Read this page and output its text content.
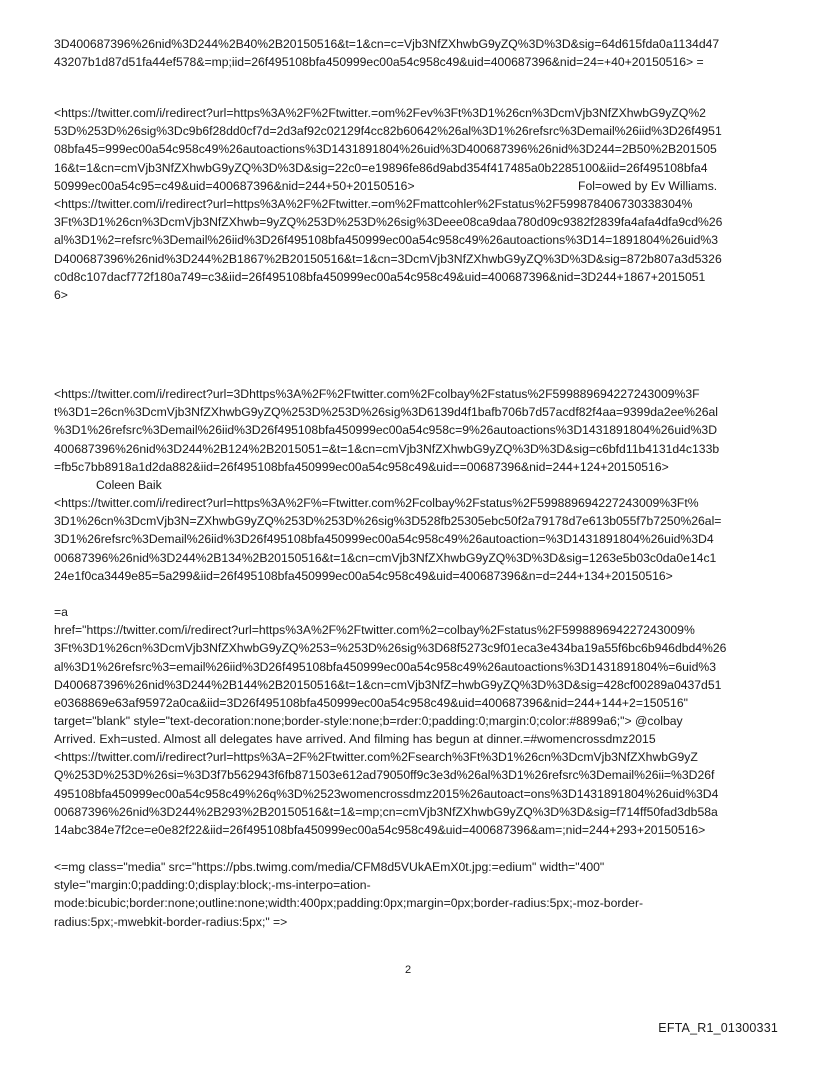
3D400687396%26nid%3D244%2B40%2B20150516&t=1&cn=c=Vjb3NfZXhwbG9yZQ%3D%3D&sig=64d615fda0a1134d47
43207b1d87d51fa44ef578&=mp;iid=26f495108bfa450999ec00a54c958c49&uid=400687396&nid=24=+40+20150516> =

<https://twitter.com/i/redirect?url=https%3A%2F%2Ftwitter.=om%2Fev%3Ft%3D1%26cn%3DcmVjb3NfZXhwbG9yZQ%2
53D%253D%26sig%3Dc9b6f28dd0cf7d=2d3af92c02129f4cc82b60642%26al%3D1%26refsrc%3Demail%26iid%3D26f4951
08bfa45=999ec00a54c958c49%26autoactions%3D1431891804%26uid%3D400687396%26nid%3D244=2B50%2B201505
16&t=1&cn=cmVjb3NfZXhwbG9yZQ%3D%3D&sig=22c0=e19896fe86d9abd354f417485a0b2285100&iid=26f495108bfa4
50999ec00a54c95=c49&uid=400687396&nid=244+50+20150516>
<https://twitter.com/i/redirect?url=https%3A%2F%2Ftwitter.=om%2Fmattcohler%2Fstatus%2F599878406730338304%
3Ft%3D1%26cn%3DcmVjb3NfZXhwb=9yZQ%253D%253D%26sig%3Deee08ca9daa780d09c9382f2839fa4afa4dfa9cd%26
al%3D1%2=refsrc%3Demail%26iid%3D26f495108bfa450999ec00a54c958c49%26autoactions%3D14=1891804%26uid%3
D400687396%26nid%3D244%2B1867%2B20150516&t=1&cn=3DcmVjb3NfZXhwbG9yZQ%3D%3D&sig=872b807a3d5326
c0d8c107dacf772f180a749=c3&iid=26f495108bfa450999ec00a54c958c49&uid=400687396&nid=3D244+1867+2015051
6>

Fol=owed by Ev Williams.

<https://twitter.com/i/redirect?url=3Dhttps%3A%2F%2Ftwitter.com%2Fcolbay%2Fstatus%2F599889694227243009%3F
t%3D1=26cn%3DcmVjb3NfZXhwbG9yZQ%253D%253D%26sig%3D6139d4f1bafb706b7d57acdf82f4aa=9399da2ee%26al
%3D1%26refsrc%3Demail%26iid%3D26f495108bfa450999ec00a54c958c=9%26autoactions%3D1431891804%26uid%3D
400687396%26nid%3D244%2B124%2B2015051=&t=1&cn=cmVjb3NfZXhwbG9yZQ%3D%3D&sig=c6bfd11b4131d4c133b
=fb5c7bb8918a1d2da882&iid=26f495108bfa450999ec00a54c958c49&uid==00687396&nid=244+124+20150516>

Coleen Baik

<https://twitter.com/i/redirect?url=https%3A%2F%=Ftwitter.com%2Fcolbay%2Fstatus%2F599889694227243009%3Ft%
3D1%26cn%3DcmVjb3N=ZXhwbG9yZQ%253D%253D%26sig%3D528fb25305ebc50f2a79178d7e613b055f7b7250%26al=
3D1%26refsrc%3Demail%26iid%3D26f495108bfa450999ec00a54c958c49%26autoaction=%3D1431891804%26uid%3D4
00687396%26nid%3D244%2B134%2B20150516&t=1&cn=cmVjb3NfZXhwbG9yZQ%3D%3D&sig=1263e5b03c0da0e14c1
24e1f0ca3449e85=5a299&iid=26f495108bfa450999ec00a54c958c49&uid=400687396&n=d=244+134+20150516>

=a
href="https://twitter.com/i/redirect?url=https%3A%2F%2Ftwitter.com%2=colbay%2Fstatus%2F599889694227243009%
3Ft%3D1%26cn%3DcmVjb3NfZXhwbG9yZQ%253=%253D%26sig%3D68f5273c9f01eca3e434ba19a55f6bc6b946dbd4%26
al%3D1%26refsrc%3=email%26iid%3D26f495108bfa450999ec00a54c958c49%26autoactions%3D1431891804%=6uid%3
D400687396%26nid%3D244%2B144%2B20150516&t=1&cn=cmVjb3NfZ=hwbG9yZQ%3D%3D&sig=428cf00289a0437d51
e0368869e63af95972a0ca&iid=3D26f495108bfa450999ec00a54c958c49&uid=400687396&nid=244+144+2=150516"
target="blank" style="text-decoration:none;border-style:none;b=rder:0;padding:0;margin:0;color:#8899a6;"> @colbay

Arrived. Exh=usted. Almost all delegates have arrived. And filming has begun at dinner.=#womencrossdmz2015
<https://twitter.com/i/redirect?url=https%3A=2F%2Ftwitter.com%2Fsearch%3Ft%3D1%26cn%3DcmVjb3NfZXhwbG9yZ
Q%253D%253D%26si=%3D3f7b562943f6fb871503e612ad79050ff9c3e3d%26al%3D1%26refsrc%3Demail%26ii=%3D26f
495108bfa450999ec00a54c958c49%26q%3D%2523womencrossdmz2015%26autoact=ons%3D1431891804%26uid%3D4
00687396%26nid%3D244%2B293%2B20150516&t=1&=mp;cn=cmVjb3NfZXhwbG9yZQ%3D%3D&sig=f714ff50fad3db58a
14abc384e7f2ce=e0e82f22&iid=26f495108bfa450999ec00a54c958c49&uid=400687396&am=;nid=244+293+20150516>

<=mg class="media" src="https://pbs.twimg.com/media/CFM8d5VUkAEmX0t.jpg:=edium" width="400"
style="margin:0;padding:0;display:block;-ms-interpo=ation-
mode:bicubic;border:none;outline:none;width:400px;padding:0px;margin=0px;border-radius:5px;-moz-border-
radius:5px;-mwebkit-border-radius:5px;" =>

2
EFTA_R1_01300331
